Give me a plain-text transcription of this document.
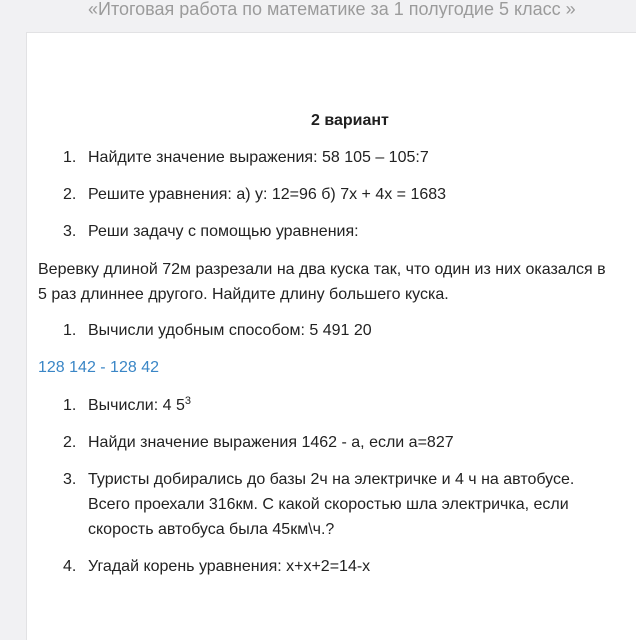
«Итоговая работа по математике за 1 полугодие 5 класс »
2 вариант
1. Найдите значение выражения: 58 105 – 105:7
2. Решите уравнения: а) у: 12=96 б) 7х + 4х = 1683
3. Реши задачу с помощью уравнения:
Веревку длиной 72м разрезали на два куска так, что один из них оказался в
5 раз длиннее другого. Найдите длину большего куска.
1. Вычисли удобным способом: 5 491 20
128 142 - 128 42
1. Вычисли: 4 $5^3$
2. Найди значение выражения 1462 - а, если а=827
3. Туристы добирались до базы 2ч на электричке и 4 ч на автобусе.
Всего проехали 316км. С какой скоростью шла электричка, если
скорость автобуса была 45км\ч.?
4. Угадай корень уравнения: х+х+2=14-х
